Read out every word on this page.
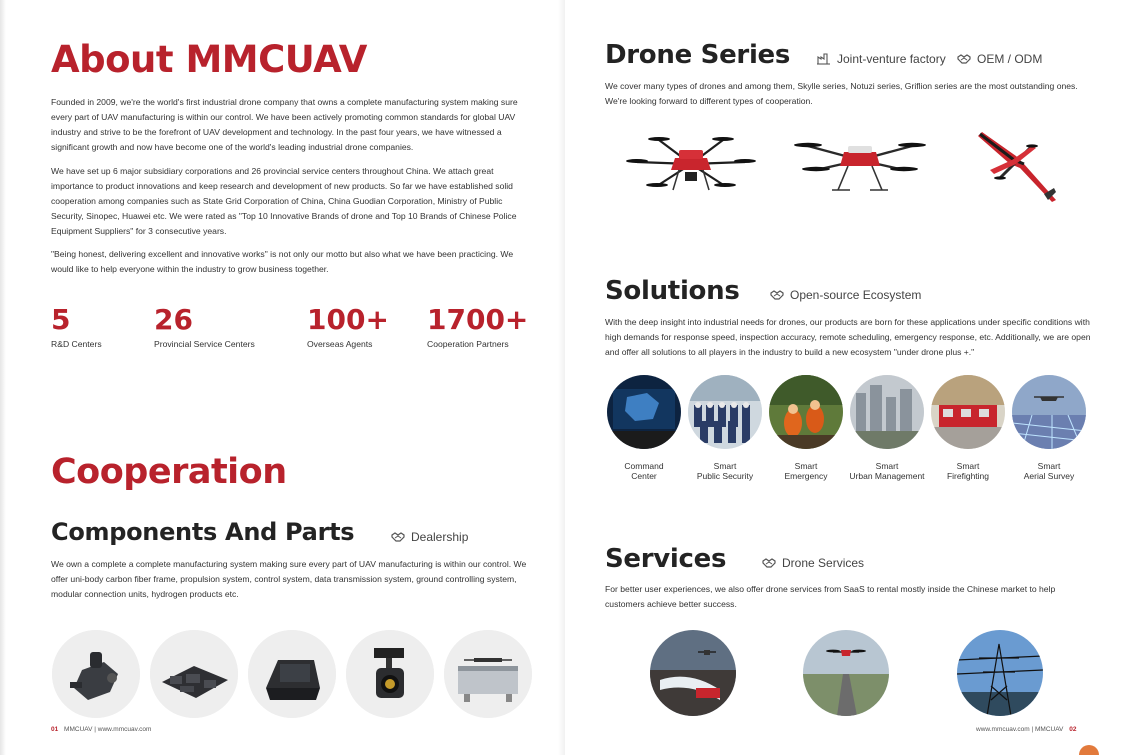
About MMCUAV
Founded in 2009, we're the world's first industrial drone company that owns a complete manufacturing system making sure every part of UAV manufacturing is within our control. We have been actively promoting common standards for global UAV industry and strive to be the forefront of UAV development and technology. In the past four years, we have witnessed a significant growth and now have become one of the world's leading industrial drone companies.
We have set up 6 major subsidiary corporations and 26 provincial service centers throughout China. We attach great importance to product innovations and keep research and development of new products. So far we have established solid cooperation among companies such as State Grid Corporation of China, China Guodian Corporation, Ministry of Public Security, Sinopec, Huawei etc. We were rated as "Top 10 Innovative Brands of drone and Top 10 Brands of Chinese Police Equipment Suppliers" for 3 consecutive years.
"Being honest, delivering excellent and innovative works" is not only our motto but also what we have been practicing. We would like to help everyone within the industry to grow business together.
5
R&D Centers
26
Provincial Service Centers
100+
Overseas Agents
1700+
Cooperation Partners
Cooperation
Components And Parts	Dealership
We own a complete a complete manufacturing system making sure every part of UAV manufacturing is within our control. We offer uni-body carbon fiber frame, propulsion system, control system, data transmission system, ground controlling system, modular connection units, hydrogen products etc.
01 MMCUAV | www.mmcuav.com
Drone Series	Joint-venture factory	OEM / ODM
We cover many types of drones and among them, Skylle series, Notuzi series, Griflion series are the most outstanding ones. We're looking forward to different types of cooperation.
Solutions	Open-source Ecosystem
With the deep insight into industrial needs for drones, our products are born for these applications under specific conditions with high demands for response speed, inspection accuracy, remote scheduling, emergency response, etc. Additionally, we are open and offer all solutions to all players in the industry to build a new ecosystem "under drone plus +."
Command
Center
Smart
Public Security
Smart
Emergency
Smart
Urban Management
Smart
Firefighting
Smart
Aerial Survey
Services	Drone Services
For better user experiences, we also offer drone services from SaaS to rental mostly inside the Chinese market to help customers achieve better success.
www.mmcuav.com | MMCUAV 02
